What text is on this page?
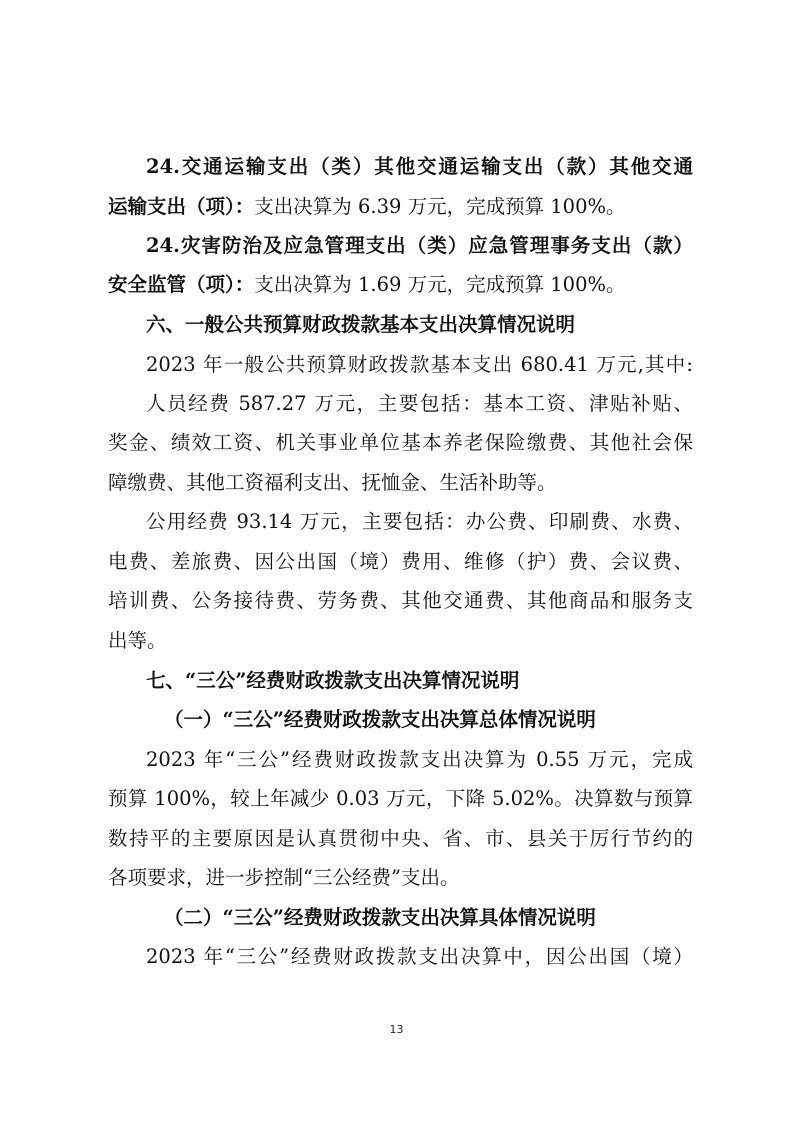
24.交通运输支出（类）其他交通运输支出（款）其他交通
运输支出（项）：支出决算为 6.39 万元，完成预算 100%。
24.灾害防治及应急管理支出（类）应急管理事务支出（款）
安全监管（项）：支出决算为 1.69 万元，完成预算 100%。
六、一般公共预算财政拨款基本支出决算情况说明
2023 年一般公共预算财政拨款基本支出 680.41 万元,其中:
人员经费 587.27 万元，主要包括：基本工资、津贴补贴、
奖金、绩效工资、机关事业单位基本养老保险缴费、其他社会保
障缴费、其他工资福利支出、抚恤金、生活补助等。
公用经费 93.14 万元，主要包括：办公费、印刷费、水费、
电费、差旅费、因公出国（境）费用、维修（护）费、会议费、
培训费、公务接待费、劳务费、其他交通费、其他商品和服务支
出等。
七、“三公”经费财政拨款支出决算情况说明
（一）“三公”经费财政拨款支出决算总体情况说明
2023 年“三公”经费财政拨款支出决算为 0.55 万元，完成
预算 100%，较上年减少 0.03 万元，下降 5.02%。决算数与预算
数持平的主要原因是认真贯彻中央、省、市、县关于厉行节约的
各项要求，进一步控制“三公经费”支出。
（二）“三公”经费财政拨款支出决算具体情况说明
2023 年“三公”经费财政拨款支出决算中，因公出国（境）
13
